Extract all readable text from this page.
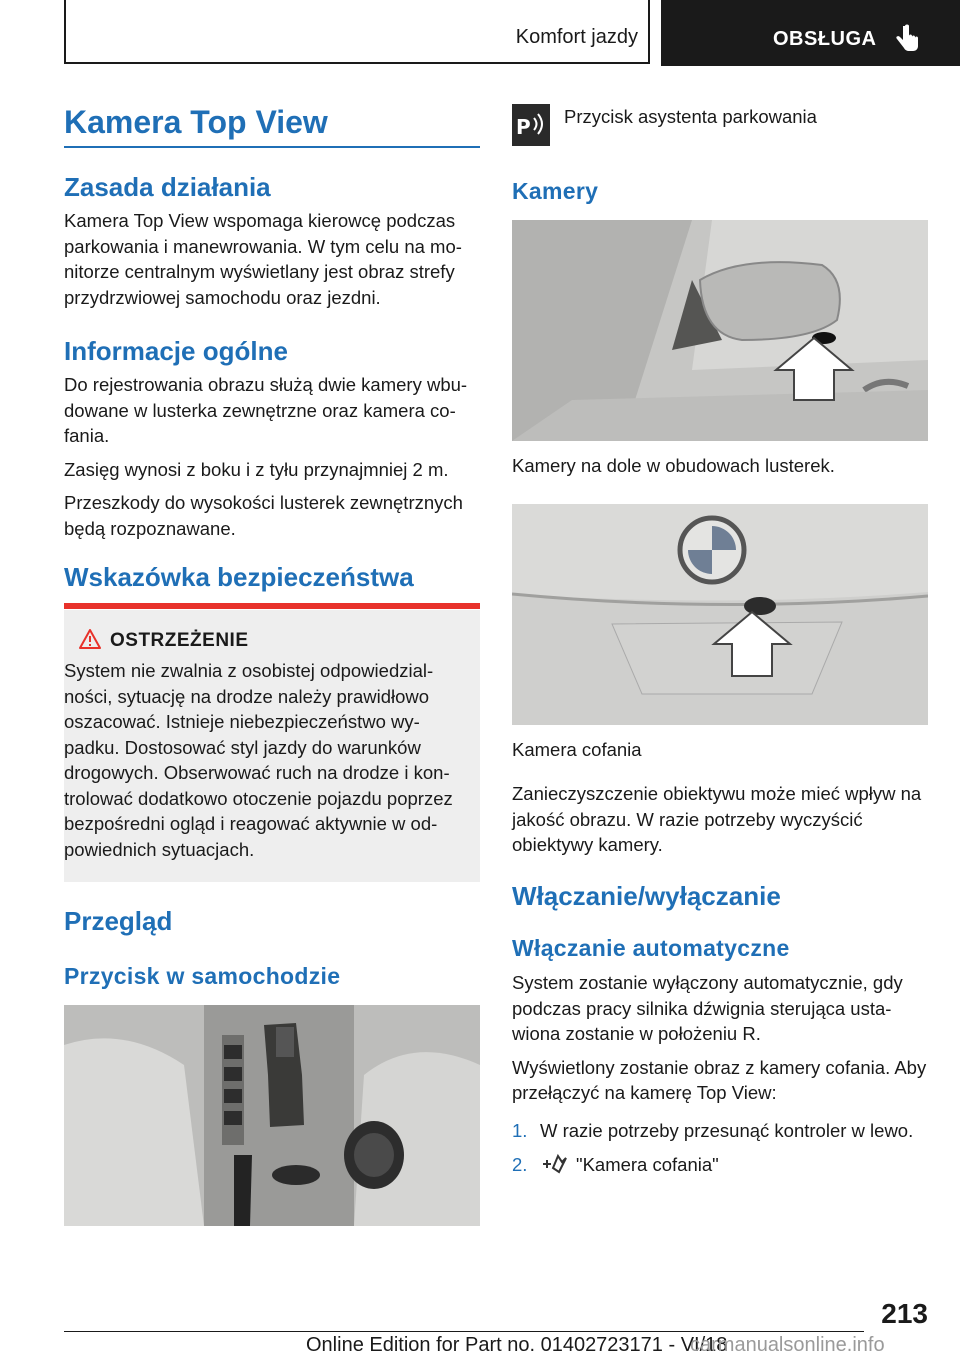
Komfort jazdy	OBSŁUGA
Kamera Top View
Zasada działania

Kamera Top View wspomaga kierowcę podczas parkowania i manewrowania. W tym celu na mo-nitorze centralnym wyświetlany jest obraz strefy przydrzwiowej samochodu oraz jezdni.

Informacje ogólne

Do rejestrowania obrazu służą dwie kamery wbu-dowane w lusterka zewnętrzne oraz kamera co-fania.

Zasięg wynosi z boku i z tyłu przynajmniej 2 m.

Przeszkody do wysokości lusterek zewnętrznych będą rozpoznawane.

Wskazówka bezpieczeństwa
OSTRZEŻENIE

System nie zwalnia z osobistej odpowiedzial-ności, sytuację na drodze należy prawidłowo oszacować. Istnieje niebezpieczeństwo wy-padku. Dostosować styl jazdy do warunków drogowych. Obserwować ruch na drodze i kon-trolować dodatkowo otoczenie pojazdu poprzez bezpośredni ogląd i reagować aktywnie w od-powiednich sytuacjach.

Przegląd
Przycisk w samochodzie
P Przycisk asystenta parkowania
Kamery
Kamery na dole w obudowach lusterek.
Kamera cofania

Zanieczyszczenie obiektywu może mieć wpływ na jakość obrazu. W razie potrzeby wyczyścić obiektywy kamery.

Włączanie/wyłączanie
Włączanie automatyczne

System zostanie wyłączony automatycznie, gdy podczas pracy silnika dźwignia sterująca usta-wiona zostanie w położeniu R.

Wyświetlony zostanie obraz z kamery cofania. Aby przełączyć na kamerę Top View:

1. W razie potrzeby przesunąć kontroler w lewo.
2.	"Kamera cofania"
213
Online Edition for Part no. 01402723171 - VI/18
carmanualsonline.info
